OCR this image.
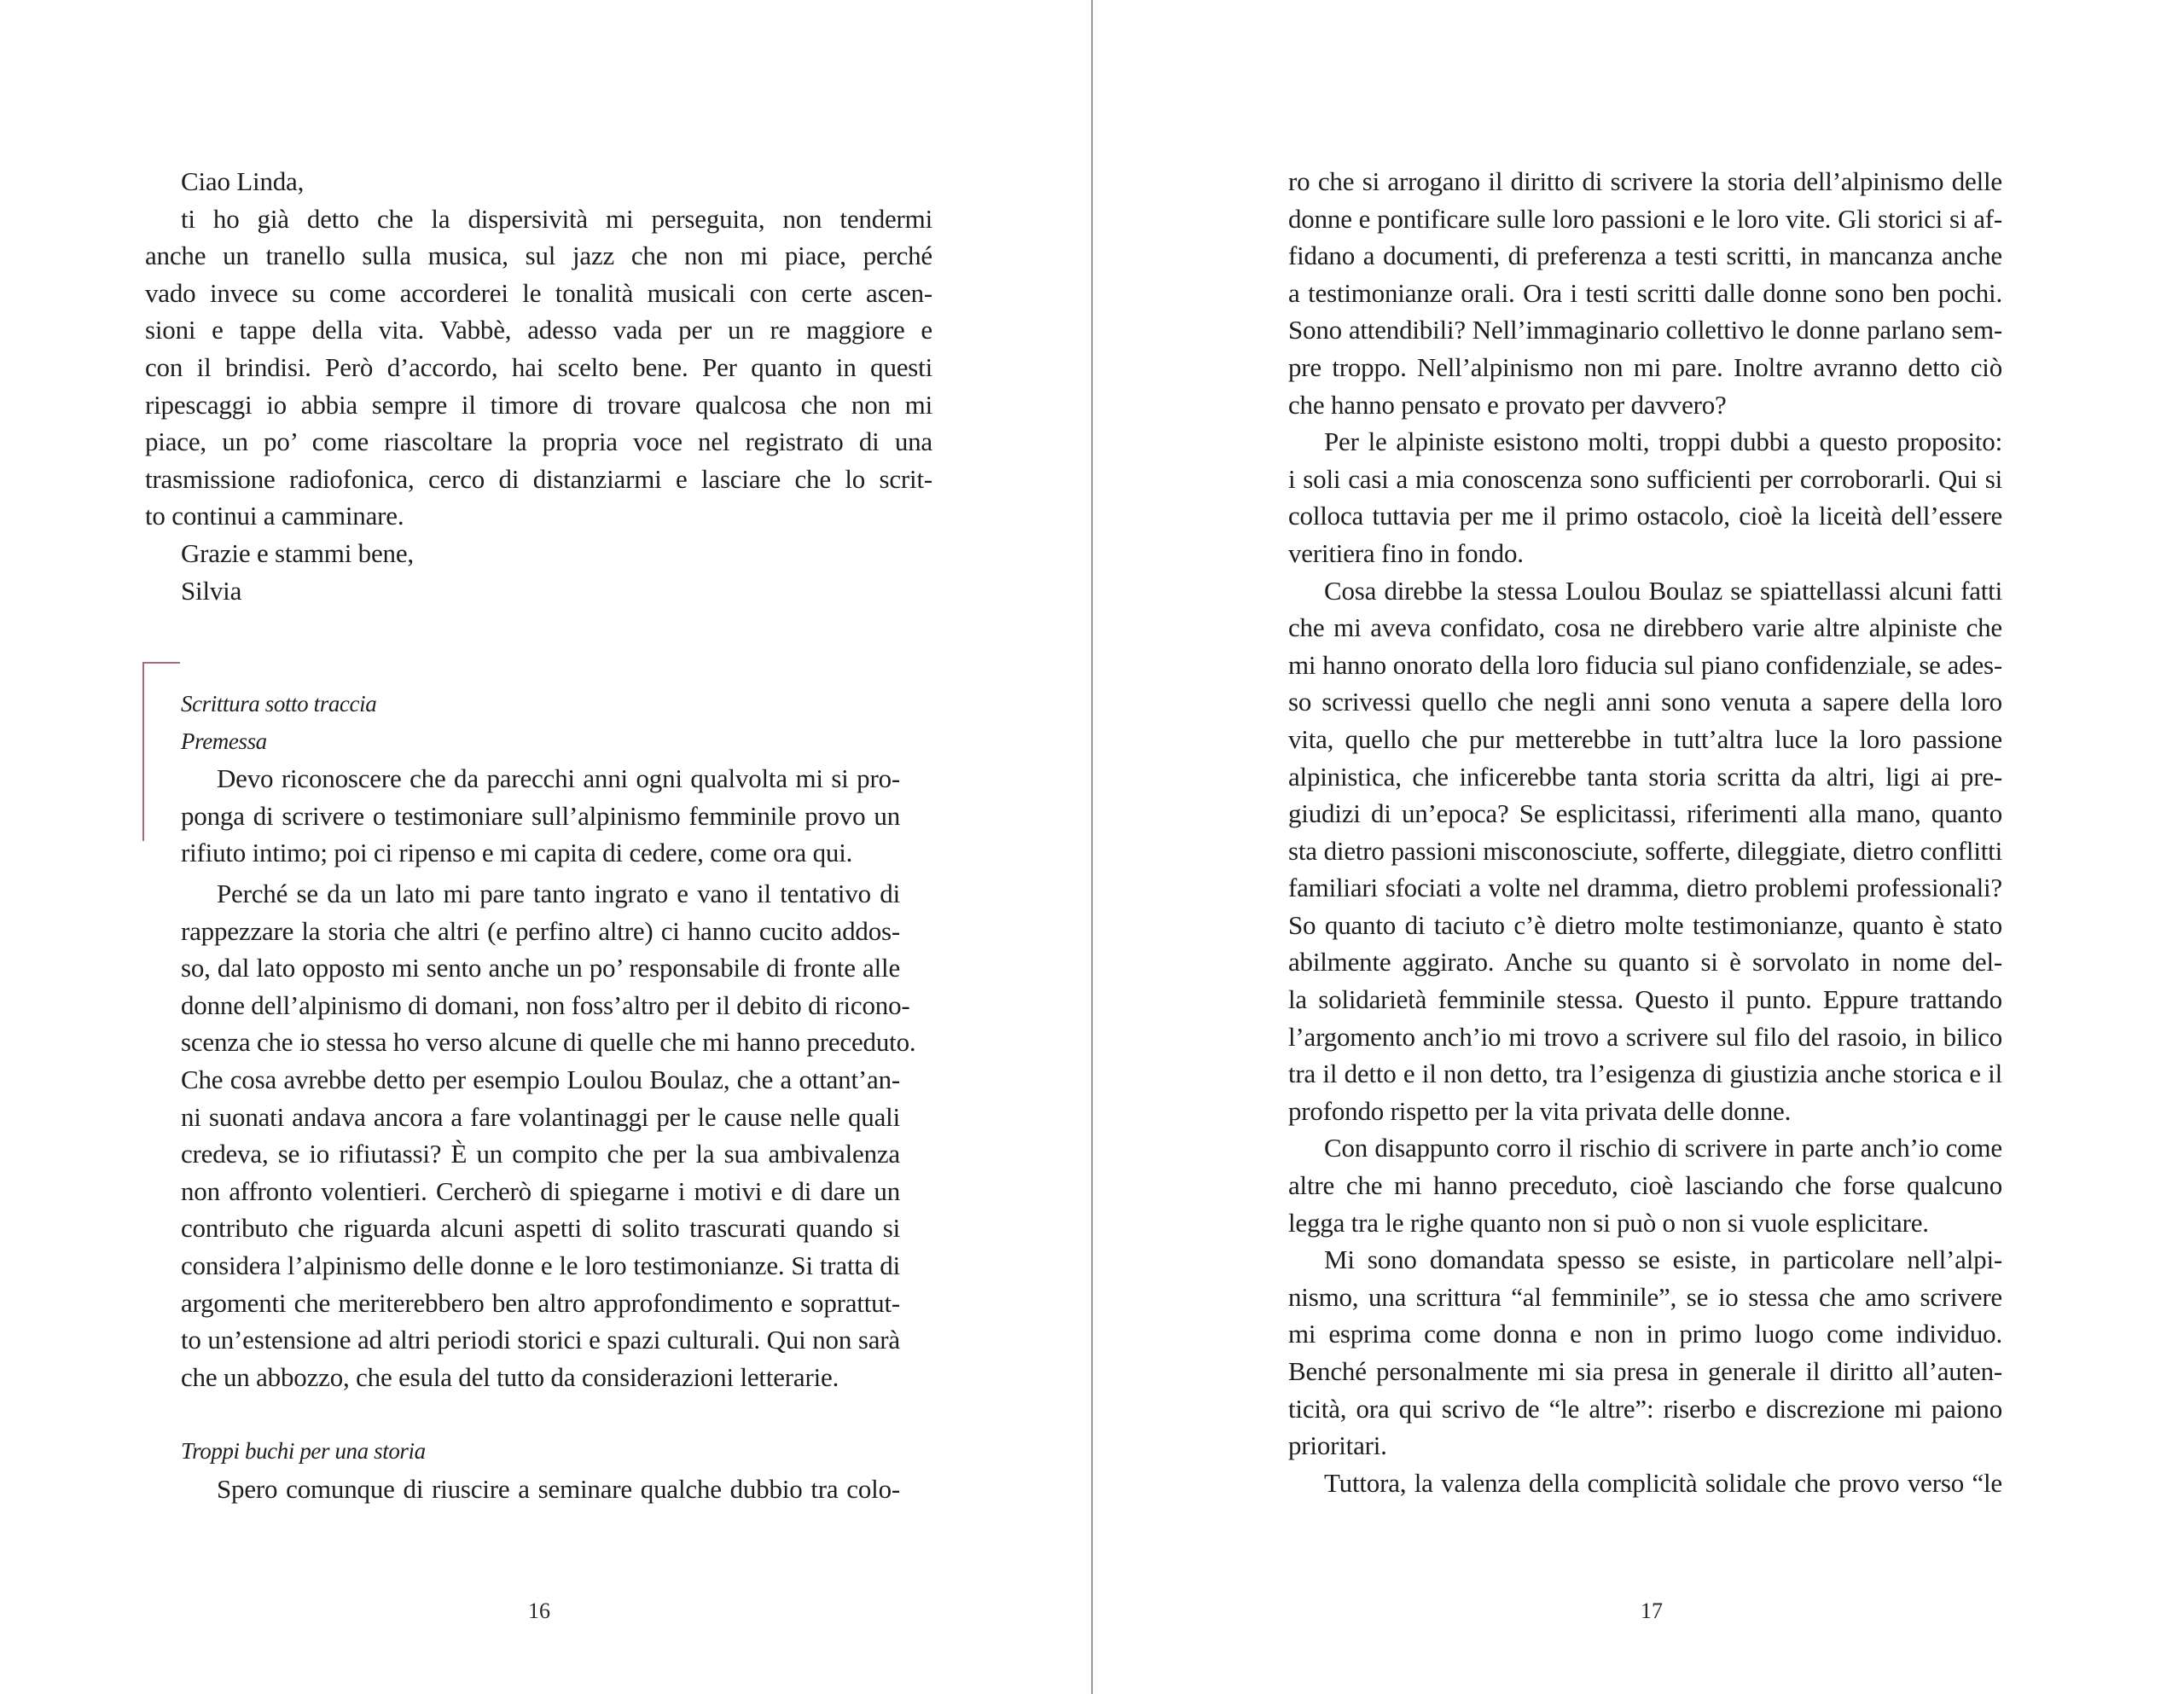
Ciao Linda,
ti ho già detto che la dispersività mi perseguita, non tendermi
anche un tranello sulla musica, sul jazz che non mi piace, perché
vado invece su come accorderei le tonalità musicali con certe ascen-
sioni e tappe della vita. Vabbè, adesso vada per un re maggiore e
con il brindisi. Però d’accordo, hai scelto bene. Per quanto in questi
ripescaggi io abbia sempre il timore di trovare qualcosa che non mi
piace, un po’ come riascoltare la propria voce nel registrato di una
trasmissione radiofonica, cerco di distanziarmi e lasciare che lo scrit-
to continui a camminare.
Grazie e stammi bene,
Silvia
Scrittura sotto traccia
Premessa
Devo riconoscere che da parecchi anni ogni qualvolta mi si pro-
ponga di scrivere o testimoniare sull’alpinismo femminile provo un
rifiuto intimo; poi ci ripenso e mi capita di cedere, come ora qui.
Perché se da un lato mi pare tanto ingrato e vano il tentativo di
rappezzare la storia che altri (e perfino altre) ci hanno cucito addos-
so, dal lato opposto mi sento anche un po’ responsabile di fronte alle
donne dell’alpinismo di domani, non foss’altro per il debito di ricono-
scenza che io stessa ho verso alcune di quelle che mi hanno preceduto.
Che cosa avrebbe detto per esempio Loulou Boulaz, che a ottant’an-
ni suonati andava ancora a fare volantinaggi per le cause nelle quali
credeva, se io rifiutassi? È un compito che per la sua ambivalenza
non affronto volentieri. Cercherò di spiegarne i motivi e di dare un
contributo che riguarda alcuni aspetti di solito trascurati quando si
considera l’alpinismo delle donne e le loro testimonianze. Si tratta di
argomenti che meriterebbero ben altro approfondimento e soprattut-
to un’estensione ad altri periodi storici e spazi culturali. Qui non sarà
che un abbozzo, che esula del tutto da considerazioni letterarie.
Troppi buchi per una storia
Spero comunque di riuscire a seminare qualche dubbio tra colo-
16
ro che si arrogano il diritto di scrivere la storia dell’alpinismo delle
donne e pontificare sulle loro passioni e le loro vite. Gli storici si af-
fidano a documenti, di preferenza a testi scritti, in mancanza anche
a testimonianze orali. Ora i testi scritti dalle donne sono ben pochi.
Sono attendibili? Nell’immaginario collettivo le donne parlano sem-
pre troppo. Nell’alpinismo non mi pare. Inoltre avranno detto ciò
che hanno pensato e provato per davvero?
Per le alpiniste esistono molti, troppi dubbi a questo proposito:
i soli casi a mia conoscenza sono sufficienti per corroborarli. Qui si
colloca tuttavia per me il primo ostacolo, cioè la liceità dell’essere
veritiera fino in fondo.
Cosa direbbe la stessa Loulou Boulaz se spiattellassi alcuni fatti
che mi aveva confidato, cosa ne direbbero varie altre alpiniste che
mi hanno onorato della loro fiducia sul piano confidenziale, se ades-
so scrivessi quello che negli anni sono venuta a sapere della loro
vita, quello che pur metterebbe in tutt’altra luce la loro passione
alpinistica, che inficerebbe tanta storia scritta da altri, ligi ai pre-
giudizi di un’epoca? Se esplicitassi, riferimenti alla mano, quanto
sta dietro passioni misconosciute, sofferte, dileggiate, dietro conflitti
familiari sfociati a volte nel dramma, dietro problemi professionali?
So quanto di taciuto c’è dietro molte testimonianze, quanto è stato
abilmente aggirato. Anche su quanto si è sorvolato in nome del-
la solidarietà femminile stessa. Questo il punto. Eppure trattando
l’argomento anch’io mi trovo a scrivere sul filo del rasoio, in bilico
tra il detto e il non detto, tra l’esigenza di giustizia anche storica e il
profondo rispetto per la vita privata delle donne.
Con disappunto corro il rischio di scrivere in parte anch’io come
altre che mi hanno preceduto, cioè lasciando che forse qualcuno
legga tra le righe quanto non si può o non si vuole esplicitare.
Mi sono domandata spesso se esiste, in particolare nell’alpi-
nismo, una scrittura “al femminile”, se io stessa che amo scrivere
mi esprima come donna e non in primo luogo come individuo.
Benché personalmente mi sia presa in generale il diritto all’auten-
ticità, ora qui scrivo de “le altre”: riserbo e discrezione mi paiono
prioritari.
Tuttora, la valenza della complicità solidale che provo verso “le
17
